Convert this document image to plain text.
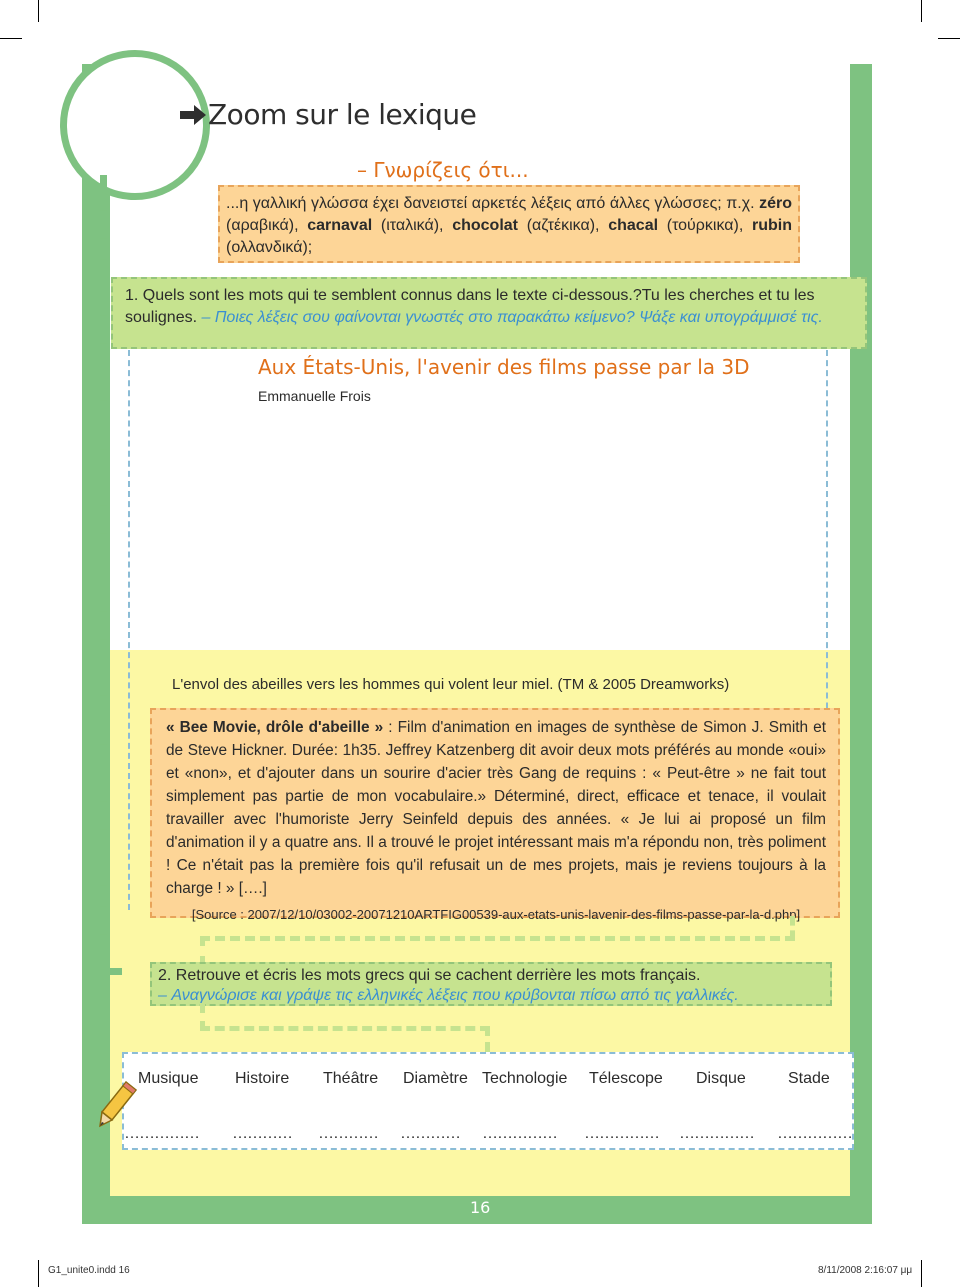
Zoom sur le lexique
– Γνωρίζεις ότι...
...η γαλλική γλώσσα έχει δανειστεί αρκετές λέξεις από άλλες γλώσσες; π.χ. zéro (αραβικά), carnaval (ιταλικά), chocolat (αζτέκικα), chacal (τούρκικα), rubin (ολλανδικά);
1. Quels sont les mots qui te semblent connus dans le texte ci-dessous.?Tu les cherches et tu les soulignes. – Ποιες λέξεις σου φαίνονται γνωστές στο παρακάτω κείμενο? Ψάξε και υπογράμμισέ τις.
Aux États-Unis, l'avenir des films passe par la 3D
Emmanuelle Frois
L'envol des abeilles vers les hommes qui volent leur miel. (TM & 2005 Dreamworks)
« Bee Movie, drôle d'abeille » : Film d'animation en images de synthèse de Simon J. Smith et de Steve Hickner. Durée: 1h35. Jeffrey Katzenberg dit avoir deux mots préférés au monde «oui» et «non», et d'ajouter dans un sourire d'acier très Gang de requins : « Peut-être » ne fait tout simplement pas partie de mon vocabulaire.» Déterminé, direct, efficace et tenace, il voulait travailler avec l'humoriste Jerry Seinfeld depuis des années. « Je lui ai proposé un film d'animation il y a quatre ans. Il a trouvé le projet intéressant mais m'a répondu non, très poliment ! Ce n'était pas la première fois qu'il refusait un de mes projets, mais je reviens toujours à la charge ! » [….]
[Source : 2007/12/10/03002-20071210ARTFIG00539-aux-etats-unis-lavenir-des-films-passe-par-la-d.php]
2. Retrouve et écris les mots grecs qui se cachent derrière les mots français.
– Αναγνώρισε και γράψε τις ελληνικές λέξεις που κρύβονται πίσω από τις γαλλικές.
Musique Histoire Théâtre Diamètre Technologie Télescope Disque	Stade
…………… ………… ………… ………… …………… …………… …………… ……………
16
G1_unite0.indd 16	8/11/2008 2:16:07 μμ
